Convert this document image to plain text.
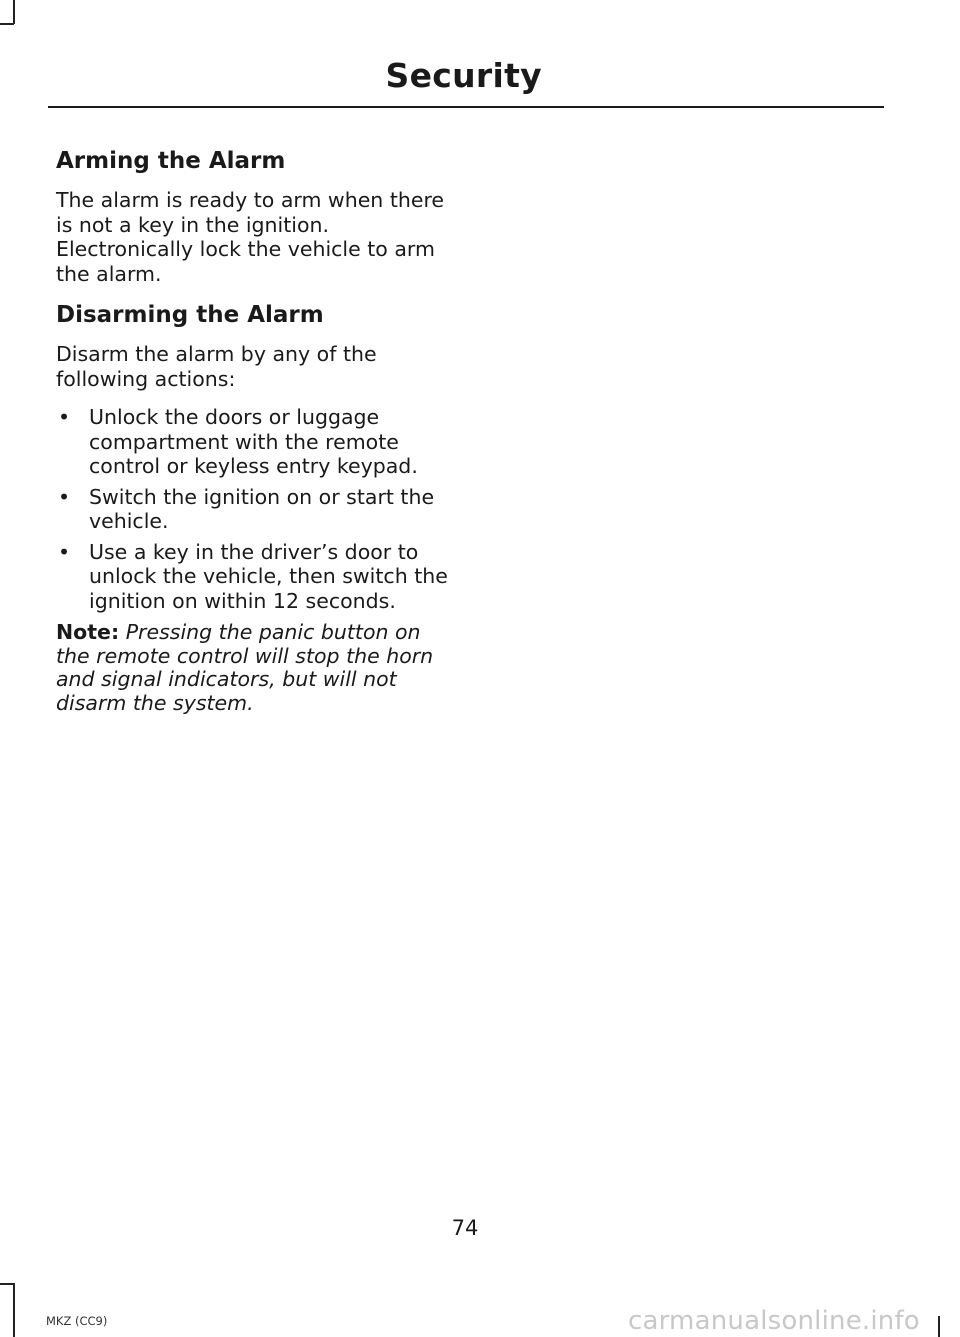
Security
Arming the Alarm

The alarm is ready to arm when there is not a key in the ignition. Electronically lock the vehicle to arm the alarm.

Disarming the Alarm

Disarm the alarm by any of the following actions:

• Unlock the doors or luggage compartment with the remote control or keyless entry keypad.
• Switch the ignition on or start the vehicle.
• Use a key in the driver’s door to unlock the vehicle, then switch the ignition on within 12 seconds.
Note: Pressing the panic button on the remote control will stop the horn and signal indicators, but will not disarm the system.
74
MKZ (CC9)	carmanualsonline.info
